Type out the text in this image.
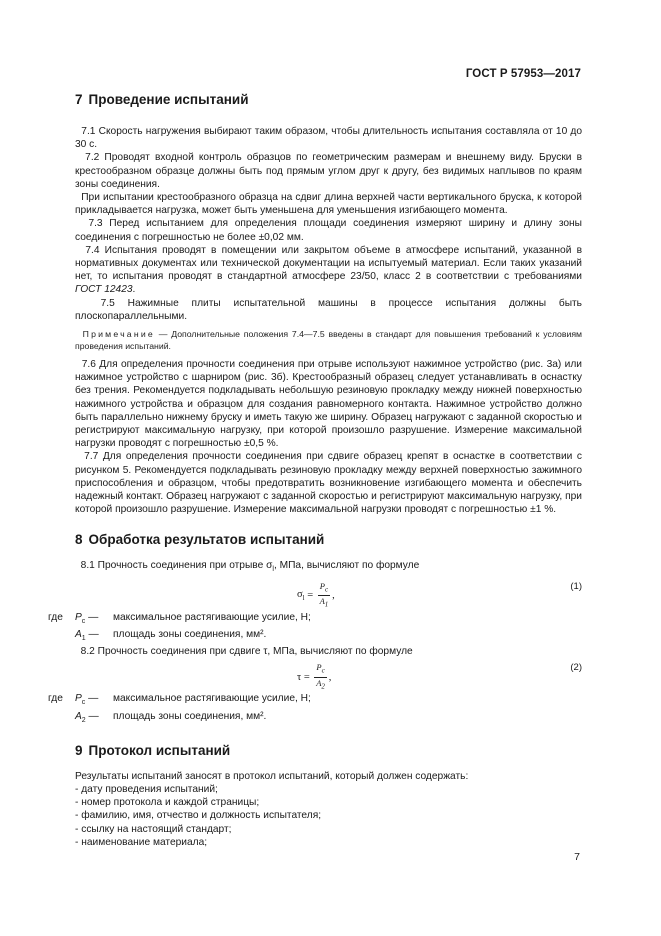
ГОСТ Р 57953—2017
7 Проведение испытаний

7.1 Скорость нагружения выбирают таким образом, чтобы длительность испытания составляла от 10 до 30 с.

7.2 Проводят входной контроль образцов по геометрическим размерам и внешнему виду. Бруски в крестообразном образце должны быть под прямым углом друг к другу, без видимых наплывов по краям зоны соединения.

При испытании крестообразного образца на сдвиг длина верхней части вертикального бруска, к которой прикладывается нагрузка, может быть уменьшена для уменьшения изгибающего момента.

7.3 Перед испытанием для определения площади соединения измеряют ширину и длину зоны соединения с погрешностью не более ±0,02 мм.

7.4 Испытания проводят в помещении или закрытом объеме в атмосфере испытаний, указанной в нормативных документах или технической документации на испытуемый материал. Если таких указаний нет, то испытания проводят в стандартной атмосфере 23/50, класс 2 в соответствии с требованиями ГОСТ 12423.

7.5 Нажимные плиты испытательной машины в процессе испытания должны быть плоскопараллельными.

Примечание — Дополнительные положения 7.4—7.5 введены в стандарт для повышения требований к условиям проведения испытаний.

7.6 Для определения прочности соединения при отрыве используют нажимное устройство (рис. 3а) или нажимное устройство с шарниром (рис. 3б). Крестообразный образец следует устанавливать в оснастку без трения. Рекомендуется подкладывать небольшую резиновую прокладку между нижней поверхностью нажимного устройства и образцом для создания равномерного контакта. Нажимное устройство должно быть параллельно нижнему бруску и иметь такую же ширину. Образец нагружают с заданной скоростью и регистрируют максимальную нагрузку, при которой произошло разрушение. Измерение максимальной нагрузки проводят с погрешностью ±0,5 %.

7.7 Для определения прочности соединения при сдвиге образец крепят в оснастке в соответствии с рисунком 5. Рекомендуется подкладывать резиновую прокладку между верхней поверхностью зажимного приспособления и образцом, чтобы предотвратить возникновение изгибающего момента и обеспечить надежный контакт. Образец нагружают с заданной скоростью и регистрируют максимальную нагрузку, при которой произошло разрушение. Измерение максимальной нагрузки проводят с погрешностью ±1 %.

8 Обработка результатов испытаний

8.1 Прочность соединения при отрыве $\sigma_l$, МПа, вычисляют по формуле

$\sigma_l = \frac{P_c}{A_1}$ ,
(1)
где	$P_c$ —	максимальное растягивающие усилие, Н;
$A_1$ —	площадь зоны соединения, мм².

8.2 Прочность соединения при сдвиге τ, МПа, вычисляют по формуле

$\tau = \frac{P_c}{A_2}$ ,
(2)
где	$P_c$ —	максимальное растягивающие усилие, Н;
$A_2$ —	площадь зоны соединения, мм².
9 Протокол испытаний

Результаты испытаний заносят в протокол испытаний, который должен содержать:

- дату проведения испытаний;
- номер протокола и каждой страницы;
- фамилию, имя, отчество и должность испытателя;
- ссылку на настоящий стандарт;
- наименование материала;
7
